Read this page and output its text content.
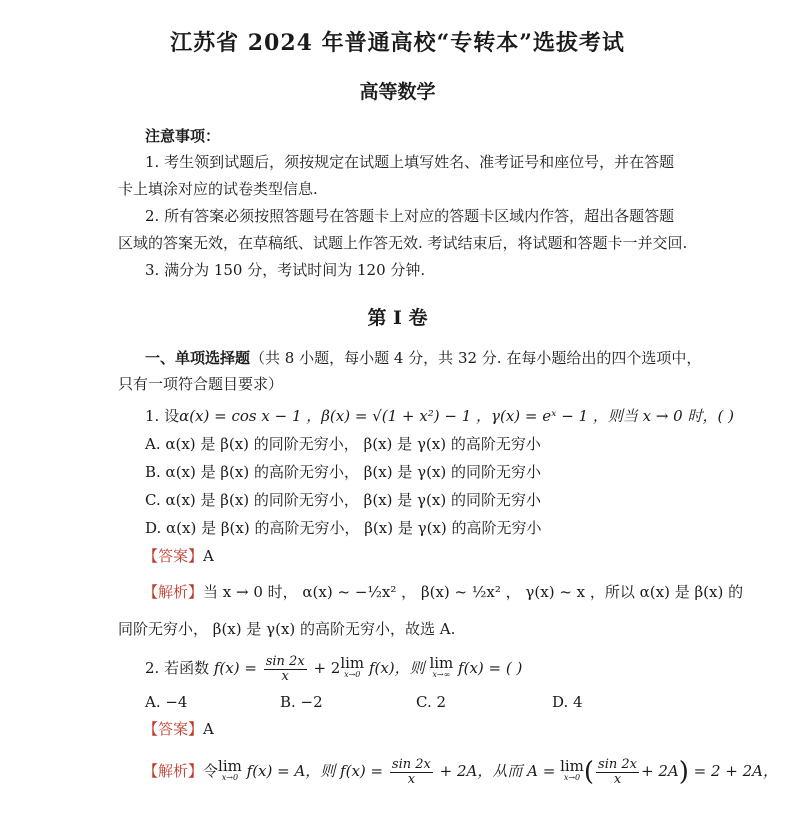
江苏省 2024 年普通高校“专转本”选拔考试
高等数学
注意事项：
1. 考生领到试题后，须按规定在试题上填写姓名、准考证号和座位号，并在答题
卡上填涂对应的试卷类型信息.
2. 所有答案必须按照答题号在答题卡上对应的答题卡区域内作答，超出各题答题
区域的答案无效，在草稿纸、试题上作答无效. 考试结束后，将试题和答题卡一并交回.
3. 满分为 150 分，考试时间为 120 分钟.
第 I 卷
一、单项选择题（共 8 小题，每小题 4 分，共 32 分. 在每小题给出的四个选项中，
只有一项符合题目要求）
1. 设α(x) = cos x − 1 ，β(x) = √(1 + x²) − 1 ，γ(x) = eˣ − 1 ，则当 x → 0 时，( )
A. α(x) 是 β(x) 的同阶无穷小， β(x) 是 γ(x) 的高阶无穷小
B. α(x) 是 β(x) 的高阶无穷小， β(x) 是 γ(x) 的同阶无穷小
C. α(x) 是 β(x) 的同阶无穷小， β(x) 是 γ(x) 的同阶无穷小
D. α(x) 是 β(x) 的高阶无穷小， β(x) 是 γ(x) 的高阶无穷小
【答案】A
【解析】当 x → 0 时， α(x) ~ −½x² ， β(x) ~ ½x² ， γ(x) ~ x ，所以 α(x) 是 β(x) 的
同阶无穷小， β(x) 是 γ(x) 的高阶无穷小，故选 A.
2. 若函数 $f(x) = \frac{\sin 2x}{x} + 2$ lim
x→0 f(x)，则 lim
x→∞ f(x) = ( )
A. −4	B. −2	C. 2	D. 4
【答案】A
【解析】令 lim
x→0 f(x) = A，则 $f(x) = \frac{\sin 2x}{x} + 2A$，从而 A = lim
x→0 ( $\frac{\sin 2x}{x} + 2A) = 2 + 2A$，
